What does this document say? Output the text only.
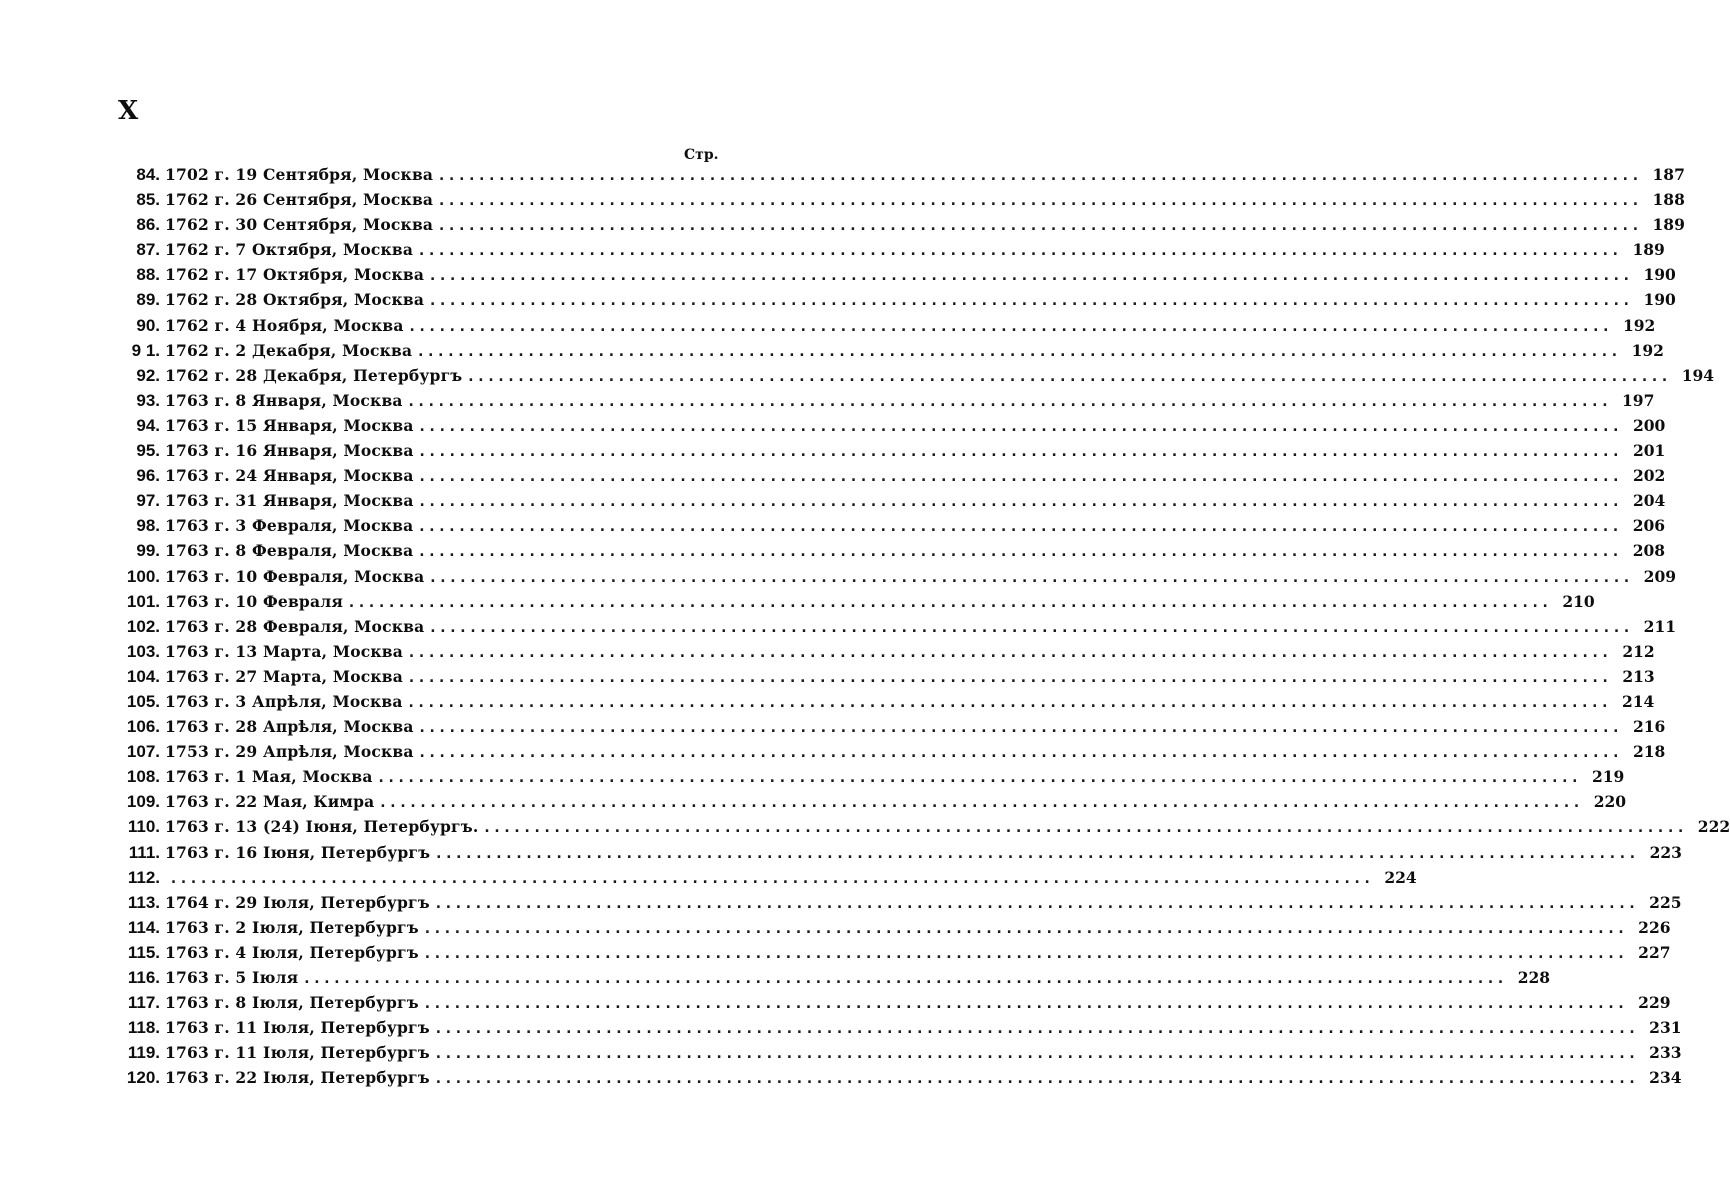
X
Стр.
84. 1702 г. 19 Сентября, Москва ........................................................................................................................ 187
85. 1762 г. 26 Сентября, Москва ........................................................................................................................ 188
86. 1762 г. 30 Сентября, Москва ........................................................................................................................ 189
87. 1762 г. 7 Октября, Москва ........................................................................................................................ 189
88. 1762 г. 17 Октября, Москва ........................................................................................................................ 190
89. 1762 г. 28 Октября, Москва ........................................................................................................................ 190
90. 1762 г. 4 Ноября, Москва ........................................................................................................................ 192
9 1. 1762 г. 2 Декабря, Москва ........................................................................................................................ 192
92. 1762 г. 28 Декабря, Петербургъ ........................................................................................................................ 194
93. 1763 г. 8 Января, Москва ........................................................................................................................ 197
94. 1763 г. 15 Января, Москва ........................................................................................................................ 200
95. 1763 г. 16 Января, Москва ........................................................................................................................ 201
96. 1763 г. 24 Января, Москва ........................................................................................................................ 202
97. 1763 г. 31 Января, Москва ........................................................................................................................ 204
98. 1763 г. 3 Февраля, Москва ........................................................................................................................ 206
99. 1763 г. 8 Февраля, Москва ........................................................................................................................ 208
100. 1763 г. 10 Февраля, Москва ........................................................................................................................ 209
101. 1763 г. 10 Февраля ........................................................................................................................ 210
102. 1763 г. 28 Февраля, Москва ........................................................................................................................ 211
103. 1763 г. 13 Марта, Москва ........................................................................................................................ 212
104. 1763 г. 27 Марта, Москва ........................................................................................................................ 213
105. 1763 г. 3 Апрѣля, Москва ........................................................................................................................ 214
106. 1763 г. 28 Апрѣля, Москва ........................................................................................................................ 216
107. 1753 г. 29 Апрѣля, Москва ........................................................................................................................ 218
108. 1763 г. 1 Мая, Москва ........................................................................................................................ 219
109. 1763 г. 22 Мая, Кимра ........................................................................................................................ 220
110. 1763 г. 13 (24) Іюня, Петербургъ. ........................................................................................................................ 222
111. 1763 г. 16 Іюня, Петербургъ ........................................................................................................................ 223
112. ........................................................................................................................ 224
113. 1764 г. 29 Іюля, Петербургъ ........................................................................................................................ 225
114. 1763 г. 2 Іюля, Петербургъ ........................................................................................................................ 226
115. 1763 г. 4 Іюля, Петербургъ ........................................................................................................................ 227
116. 1763 г. 5 Іюля ........................................................................................................................ 228
117. 1763 г. 8 Іюля, Петербургъ ........................................................................................................................ 229
118. 1763 г. 11 Іюля, Петербургъ ........................................................................................................................ 231
119. 1763 г. 11 Іюля, Петербургъ ........................................................................................................................ 233
120. 1763 г. 22 Іюля, Петербургъ ........................................................................................................................ 234
